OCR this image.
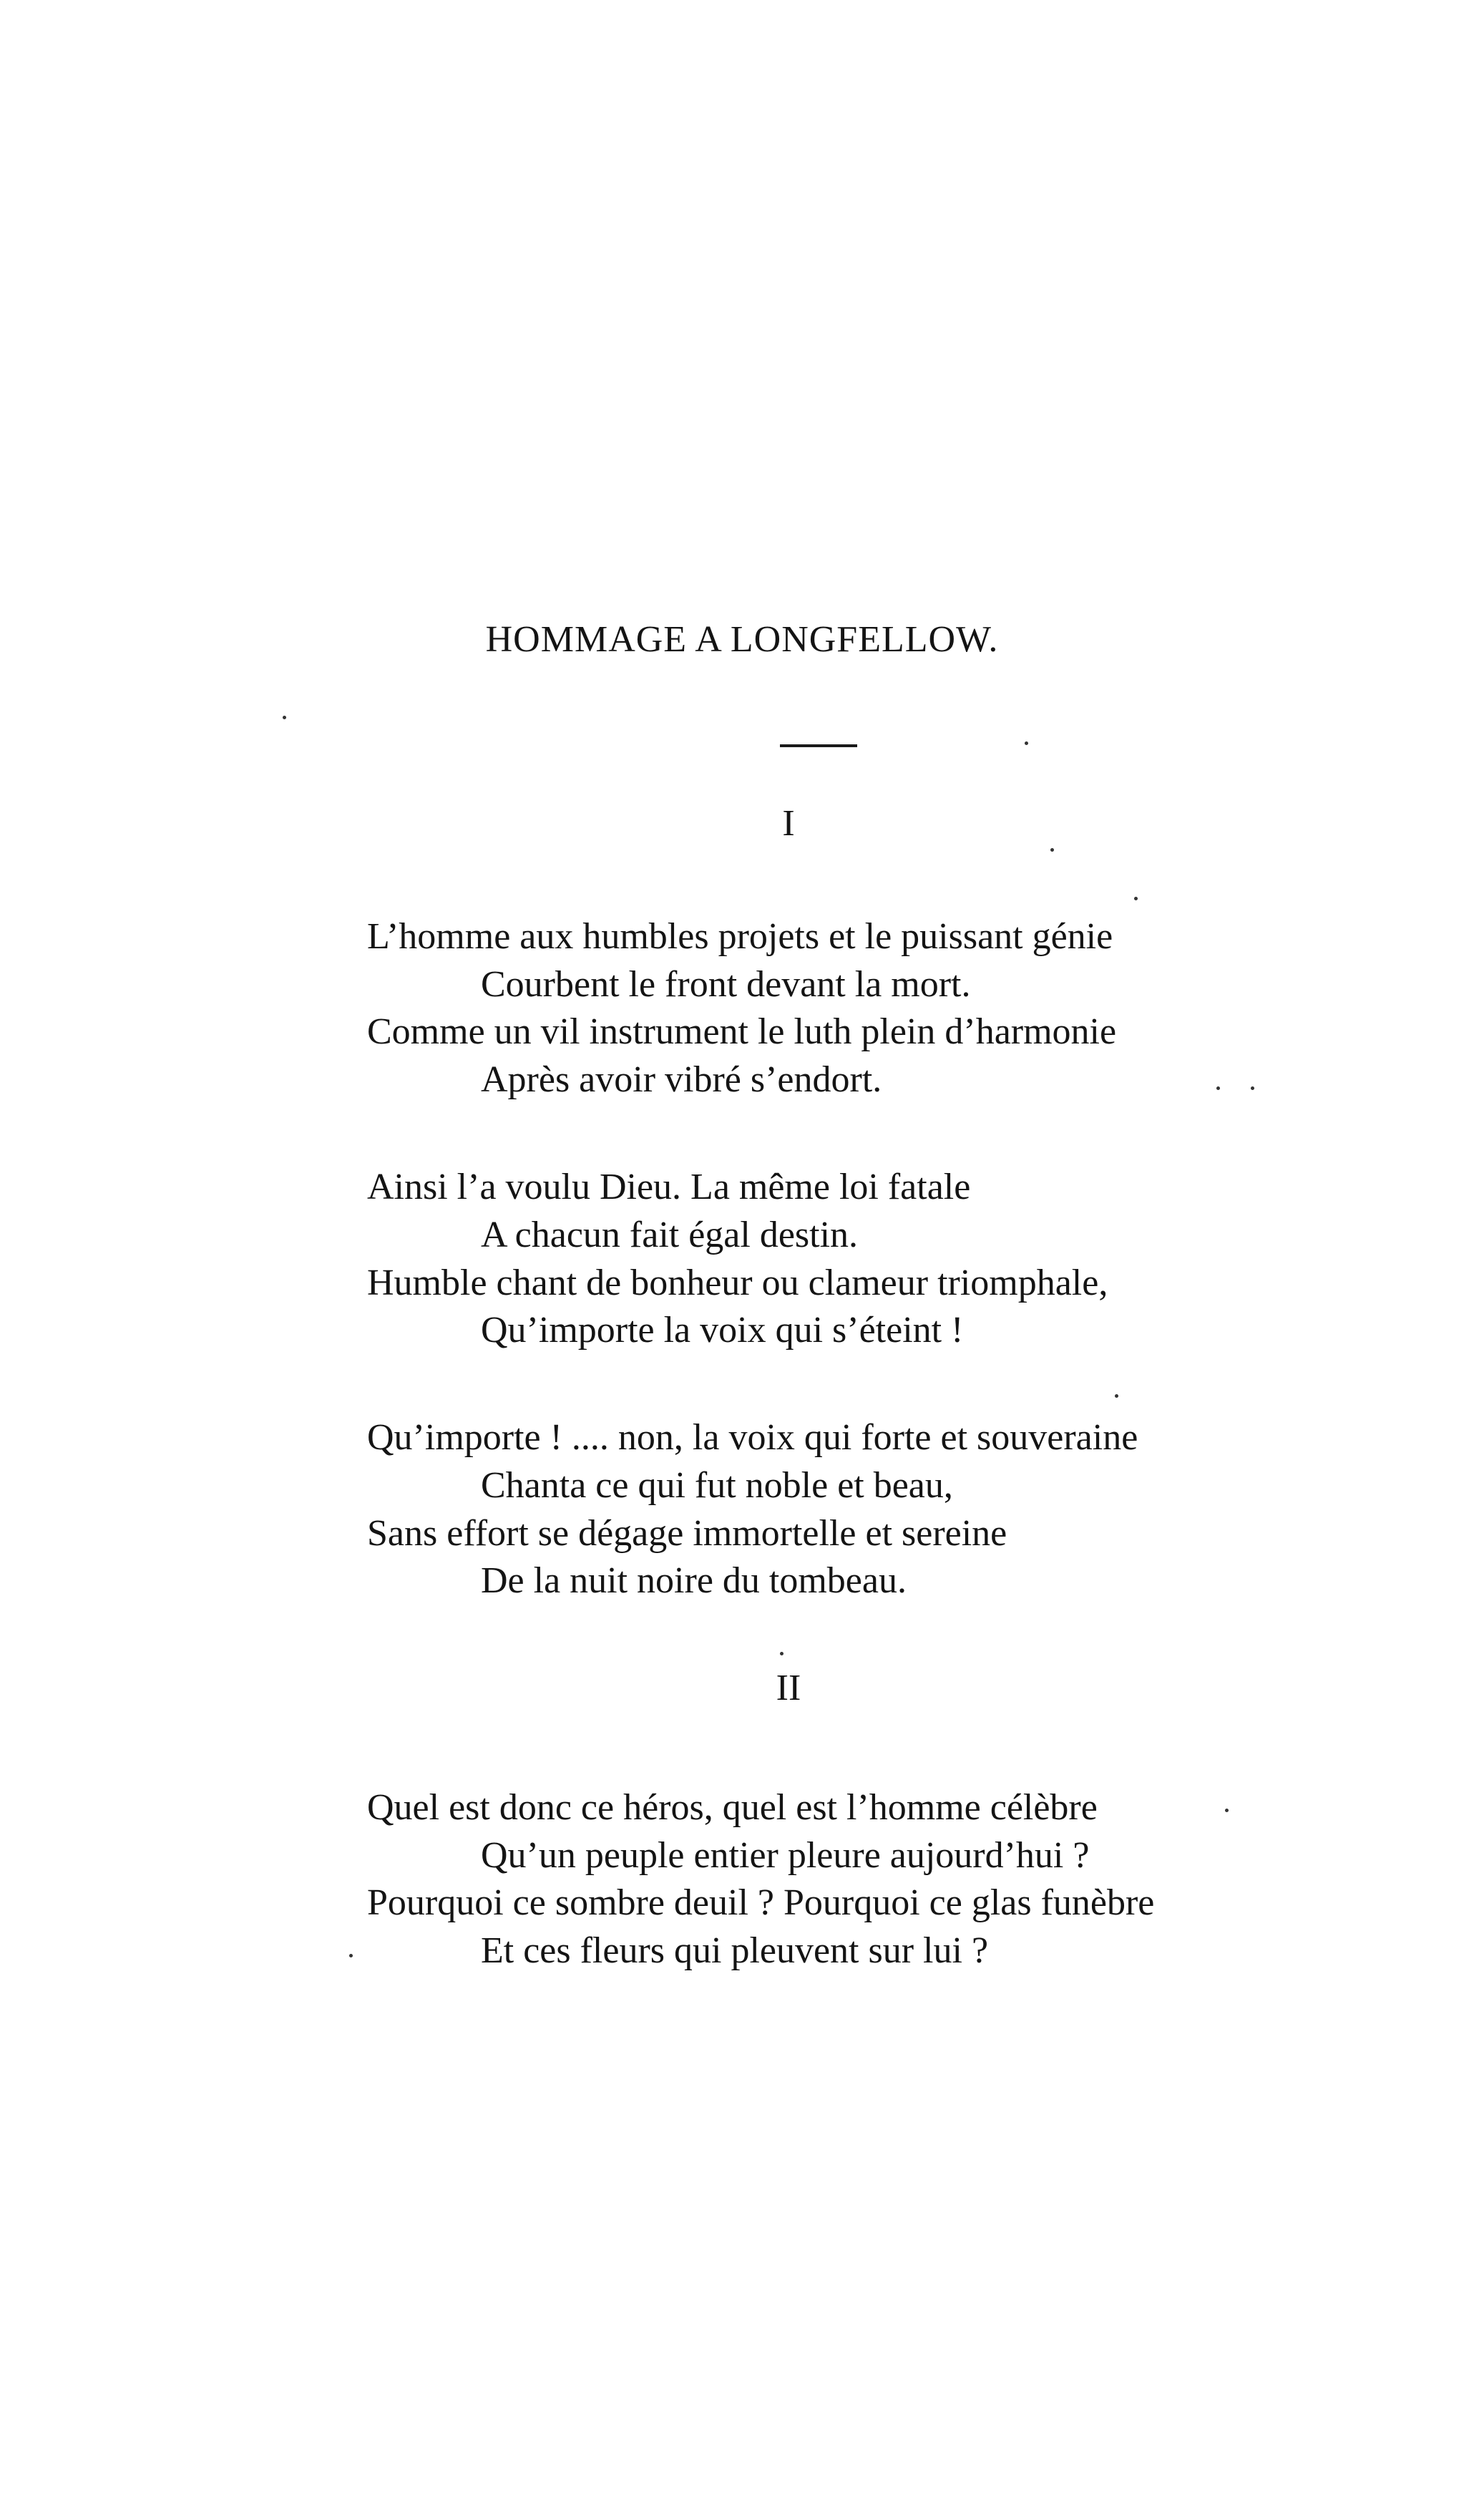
HOMMAGE A LONGFELLOW.
I
L’homme aux humbles projets et le puissant génie
Courbent le front devant la mort.
Comme un vil instrument le luth plein d’harmonie
Après avoir vibré s’endort.
Ainsi l’a voulu Dieu. La même loi fatale
A chacun fait égal destin.
Humble chant de bonheur ou clameur triomphale,
Qu’importe la voix qui s’éteint !
Qu’importe ! .... non, la voix qui forte et souveraine
Chanta ce qui fut noble et beau,
Sans effort se dégage immortelle et sereine
De la nuit noire du tombeau.
II
Quel est donc ce héros, quel est l’homme célèbre
Qu’un peuple entier pleure aujourd’hui ?
Pourquoi ce sombre deuil ? Pourquoi ce glas funèbre
Et ces fleurs qui pleuvent sur lui ?
